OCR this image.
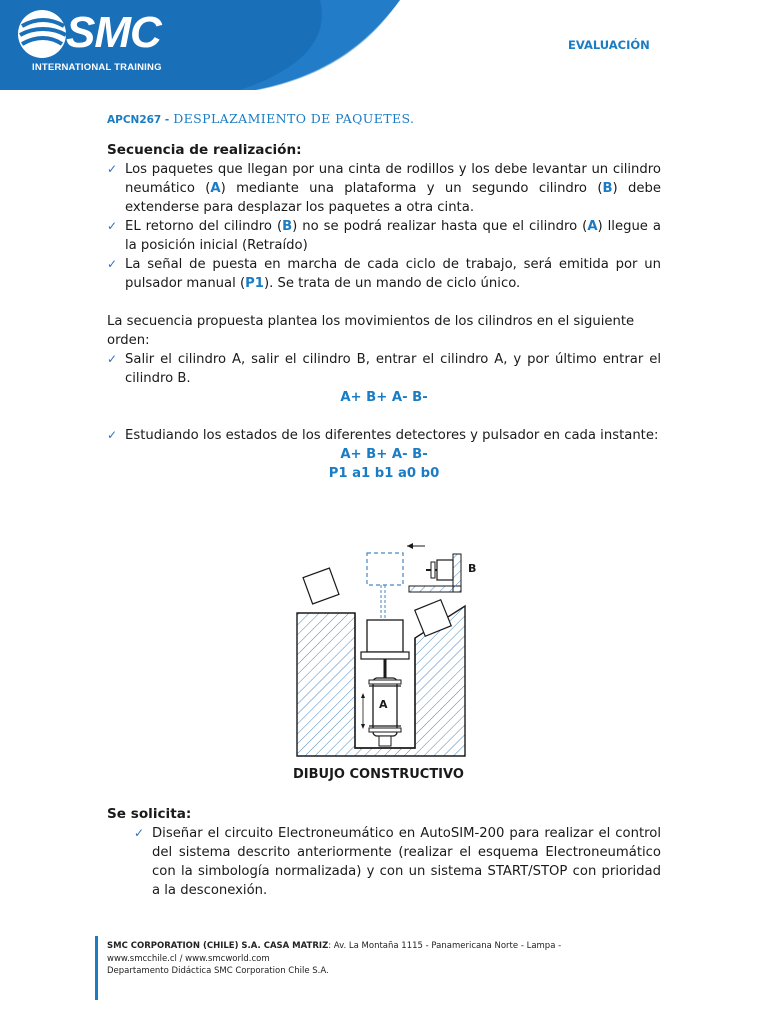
SMC
INTERNATIONAL TRAINING
EVALUACIÓN
APCN267 - DESPLAZAMIENTO DE PAQUETES.
Secuencia de realización:
✓ Los paquetes que llegan por una cinta de rodillos y los debe levantar un cilindro neumático (A) mediante una plataforma y un segundo cilindro (B) debe extenderse para desplazar los paquetes a otra cinta.
✓ EL retorno del cilindro (B) no se podrá realizar hasta que el cilindro (A) llegue a la posición inicial (Retraído)
✓ La señal de puesta en marcha de cada ciclo de trabajo, será emitida por un pulsador manual (P1). Se trata de un mando de ciclo único.
La secuencia propuesta plantea los movimientos de los cilindros en el siguiente orden:
✓ Salir el cilindro A, salir el cilindro B, entrar el cilindro A, y por último entrar el cilindro B.
A+ B+ A- B-
✓ Estudiando los estados de los diferentes detectores y pulsador en cada instante:
A+ B+ A- B-
P1 a1 b1 a0 b0
B
A
DIBUJO CONSTRUCTIVO
Se solicita:
✓ Diseñar el circuito Electroneumático en AutoSIM-200 para realizar el control del sistema descrito anteriormente (realizar el esquema Electroneumático con la simbología normalizada) y con un sistema START/STOP con prioridad a la desconexión.
SMC CORPORATION (CHILE) S.A. CASA MATRIZ: Av. La Montaña 1115 - Panamericana Norte - Lampa -
www.smcchile.cl / www.smcworld.com
Departamento Didáctica SMC Corporation Chile S.A.
